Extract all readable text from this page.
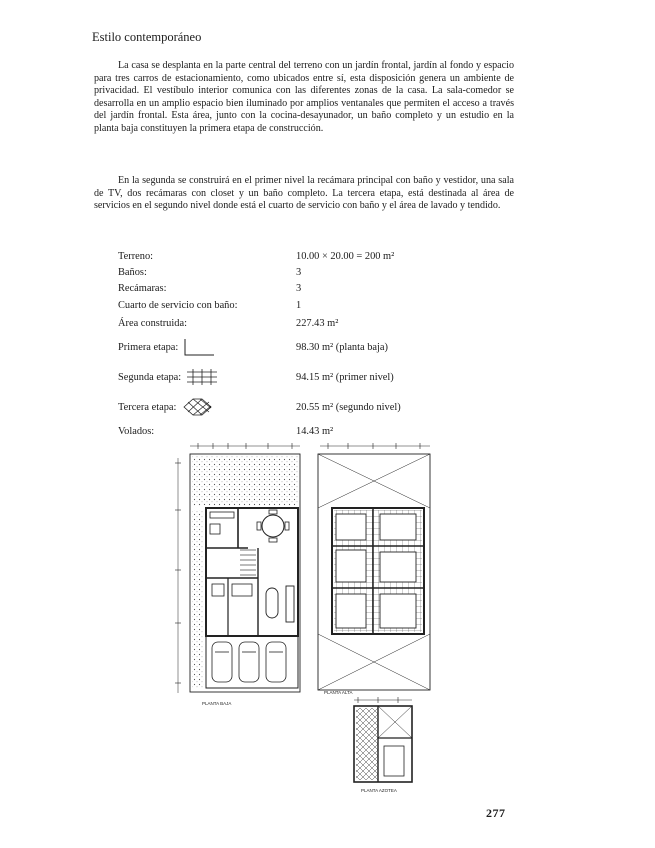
Estilo contemporáneo

La casa se desplanta en la parte central del terreno con un jardín frontal, jardín al fondo y espacio para tres carros de estacionamiento, como ubicados entre sí, esta disposición genera un ambiente de privacidad. El vestíbulo interior comunica con las diferentes zonas de la casa. La sala-comedor se desarrolla en un amplio espacio bien iluminado por amplios ventanales que permiten el acceso a través del jardín frontal. Esta área, junto con la cocina-desayunador, un baño completo y un estudio en la planta baja constituyen la primera etapa de construcción.

En la segunda se construirá en el primer nivel la recámara principal con baño y vestidor, una sala de TV, dos recámaras con closet y un baño completo. La tercera etapa, está destinada al área de servicios en el segundo nivel donde está el cuarto de servicio con baño y el área de lavado y tendido.

Terreno:	10.00 × 20.00 = 200 m²
Baños:	3
Recámaras:	3
Cuarto de servicio con baño:	1
Área construida:	227.43 m²
Primera etapa:	98.30 m² (planta baja)
Segunda etapa:	94.15 m² (primer nivel)
Tercera etapa:	20.55 m² (segundo nivel)
Volados:	14.43 m²
PLANTA BAJA
PLANTA ALTA
PLANTA AZOTEA
277
